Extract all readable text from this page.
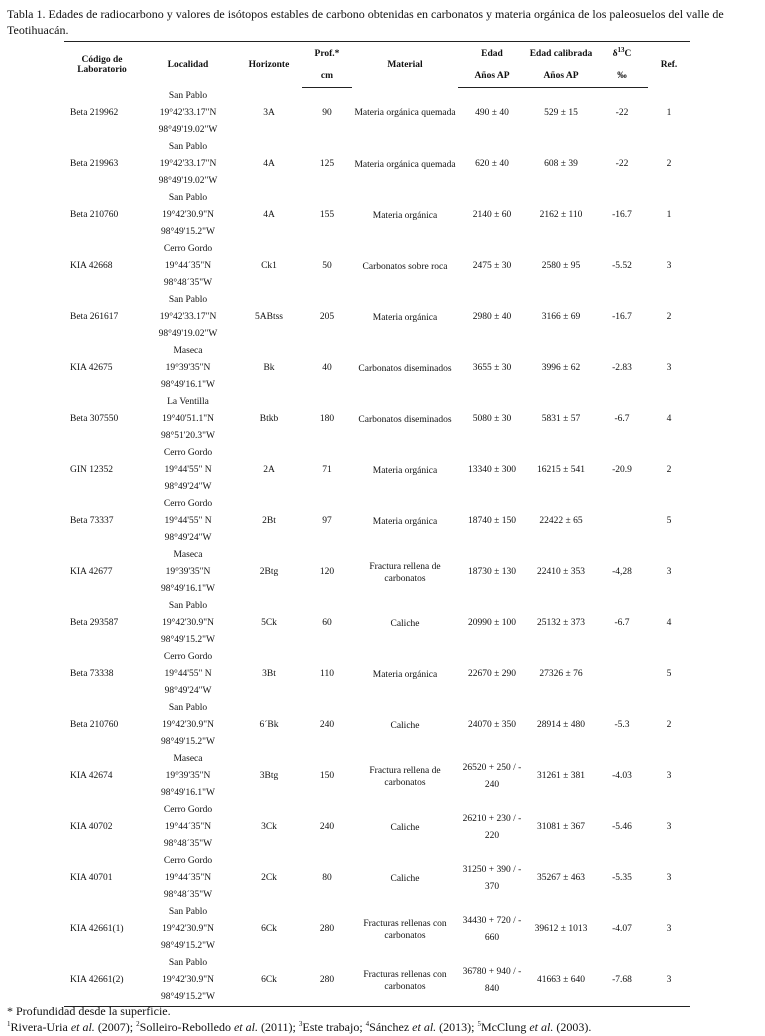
Tabla 1. Edades de radiocarbono y valores de isótopos estables de carbono obtenidas en carbonatos y materia orgánica de los paleosuelos del valle de Teotihuacán.
Código de Laboratorio	Localidad	Horizonte	Prof.*	Material	Edad	Edad calibrada	$\delta^{13}C$	Ref.
			cm		Años AP	Años AP	‰	
Beta 219962	San Pablo
19°42'33.17"N
98°49'19.02"W	3A	90	Materia orgánica quemada	490 ± 40	529 ± 15	-22	1
Beta 219963	San Pablo
19°42'33.17"N
98°49'19.02"W	4A	125	Materia orgánica quemada	620 ± 40	608 ± 39	-22	2
Beta 210760	San Pablo
19°42'30.9"N
98°49'15.2"W	4A	155	Materia orgánica	2140 ± 60	2162 ± 110	-16.7	1
KIA 42668	Cerro Gordo
19°44´35"N
98°48´35"W	Ck1	50	Carbonatos sobre roca	2475 ± 30	2580 ± 95	-5.52	3
Beta 261617	San Pablo
19°42'33.17"N
98°49'19.02"W	5ABtss	205	Materia orgánica	2980 ± 40	3166 ± 69	-16.7	2
KIA 42675	Maseca
19°39'35"N
98°49'16.1"W	Bk	40	Carbonatos diseminados	3655 ± 30	3996 ± 62	-2.83	3
Beta 307550	La Ventilla
19°40'51.1"N
98°51'20.3"W	Btkb	180	Carbonatos diseminados	5080 ± 30	5831 ± 57	-6.7	4
GIN 12352	Cerro Gordo
19°44'55" N
98°49'24"W	2A	71	Materia orgánica	13340 ± 300	16215 ± 541	-20.9	2
Beta 73337	Cerro Gordo
19°44'55" N
98°49'24"W	2Bt	97	Materia orgánica	18740 ± 150	22422 ± 65		5
KIA 42677	Maseca
19°39'35"N
98°49'16.1"W	2Btg	120	Fractura rellena de carbonatos	18730 ± 130	22410 ± 353	-4,28	3
Beta 293587	San Pablo
19°42'30.9"N
98°49'15.2"W	5Ck	60	Caliche	20990 ± 100	25132 ± 373	-6.7	4
Beta 73338	Cerro Gordo
19°44'55" N
98°49'24"W	3Bt	110	Materia orgánica	22670 ± 290	27326 ± 76		5
Beta 210760	San Pablo
19°42'30.9"N
98°49'15.2"W	6´Bk	240	Caliche	24070 ± 350	28914 ± 480	-5.3	2
KIA 42674	Maseca
19°39'35"N
98°49'16.1"W	3Btg	150	Fractura rellena de carbonatos	26520 + 250 / - 240	31261 ± 381	-4.03	3
KIA 40702	Cerro Gordo
19°44´35"N
98°48´35"W	3Ck	240	Caliche	26210 + 230 / - 220	31081 ± 367	-5.46	3
KIA 40701	Cerro Gordo
19°44´35"N
98°48´35"W	2Ck	80	Caliche	31250 + 390 / - 370	35267 ± 463	-5.35	3
KIA 42661(1)	San Pablo
19°42'30.9"N
98°49'15.2"W	6Ck	280	Fracturas rellenas con carbonatos	34430 + 720 / - 660	39612 ± 1013	-4.07	3
KIA 42661(2)	San Pablo
19°42'30.9"N
98°49'15.2"W	6Ck	280	Fracturas rellenas con carbonatos	36780 + 940 / - 840	41663 ± 640	-7.68	3
* Profundidad desde la superficie.
$^1$Rivera-Uria et al. (2007); $^2$Solleiro-Rebolledo et al. (2011); $^3$Este trabajo; $^4$Sánchez et al. (2013); $^5$McClung et al. (2003).
